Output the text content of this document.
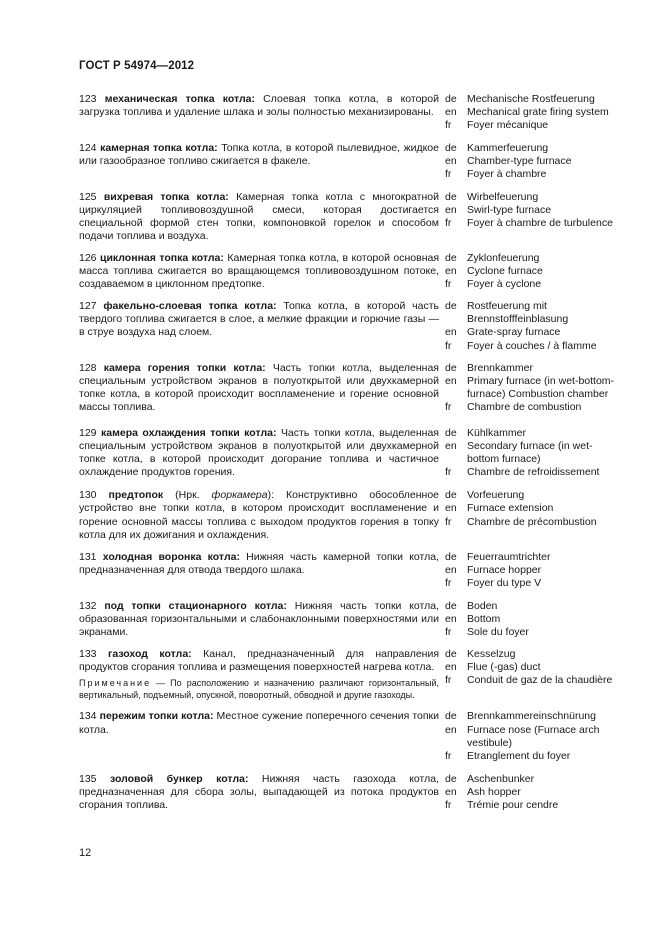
ГОСТ Р 54974—2012
123 механическая топка котла: Слоевая топка котла, в которой загрузка топлива и удаление шлака и золы полностью механизированы.
de Mechanische Rostfeuerung
en Mechanical grate firing system
fr	Foyer mécanique
124 камерная топка котла: Топка котла, в которой пылевидное, жидкое или газообразное топливо сжигается в факеле.
de Kammerfeuerung
en Chamber-type furnace
fr	Foyer à chambre
125 вихревая топка котла: Камерная топка котла с многократной циркуляцией топливовоздушной смеси, которая достигается специальной формой стен топки, компоновкой горелок и способом подачи топлива и воздуха.
de Wirbelfeuerung
en Swirl-type furnace
fr	Foyer à chambre de turbulence
126 циклонная топка котла: Камерная топка котла, в которой основная масса топлива сжигается во вращающемся топливовоздушном потоке, создаваемом в циклонном предтопке.
de Zyklonfeuerung
en Cyclone furnace
fr	Foyer à cyclone
127 факельно-слоевая топка котла: Топка котла, в которой часть твердого топлива сжигается в слое, а мелкие фракции и горючие газы — в струе воздуха над слоем.
de Rostfeuerung mit Brennstofffeinblasung
en Grate-spray furnace
fr	Foyer à couches / à flamme
128 камера горения топки котла: Часть топки котла, выделенная специальным устройством экранов в полуоткрытой или двухкамерной топке котла, в которой происходит воспламенение и горение основной массы топлива.
de Brennkammer
en Primary furnace (in wet-bottom-furnace) Combustion chamber
fr	Chambre de combustion
129 камера охлаждения топки котла: Часть топки котла, выделенная специальным устройством экранов в полуоткрытой или двухкамерной топке котла, в которой происходит догорание топлива и частичное охлаждение продуктов горения.
de Kühlkammer
en Secondary furnace (in wet-bottom furnace)
fr	Chambre de refroidissement
130 предтопок (Нрк. форкамера): Конструктивно обособленное устройство вне топки котла, в котором происходит воспламенение и горение основной массы топлива с выходом продуктов горения в топку котла для их дожигания и охлаждения.
de Vorfeuerung
en Furnace extension
fr	Chambre de précombustion
131 холодная воронка котла: Нижняя часть камерной топки котла, предназначенная для отвода твердого шлака.
de Feuerraumtrichter
en Furnace hopper
fr	Foyer du type V
132 под топки стационарного котла: Нижняя часть топки котла, образованная горизонтальными и слабонаклонными поверхностями или экранами.
de Boden
en Bottom
fr	Sole du foyer
133 газоход котла: Канал, предназначенный для направления продуктов сгорания топлива и размещения поверхностей нагрева котла.
Примечание — По расположению и назначению различают горизонтальный, вертикальный, подъемный, опускной, поворотный, обводной и другие газоходы.
de Kesselzug
en Flue (-gas) duct
fr	Conduit de gaz de la chaudière
134 пережим топки котла: Местное сужение поперечного сечения топки котла.
de Brennkammereinschnürung
en Furnace nose (Furnace arch vestibule)
fr	Etranglement du foyer
135 золовой бункер котла: Нижняя часть газохода котла, предназначенная для сбора золы, выпадающей из потока продуктов сгорания топлива.
de Aschenbunker
en Ash hopper
fr	Trémie pour cendre
12
